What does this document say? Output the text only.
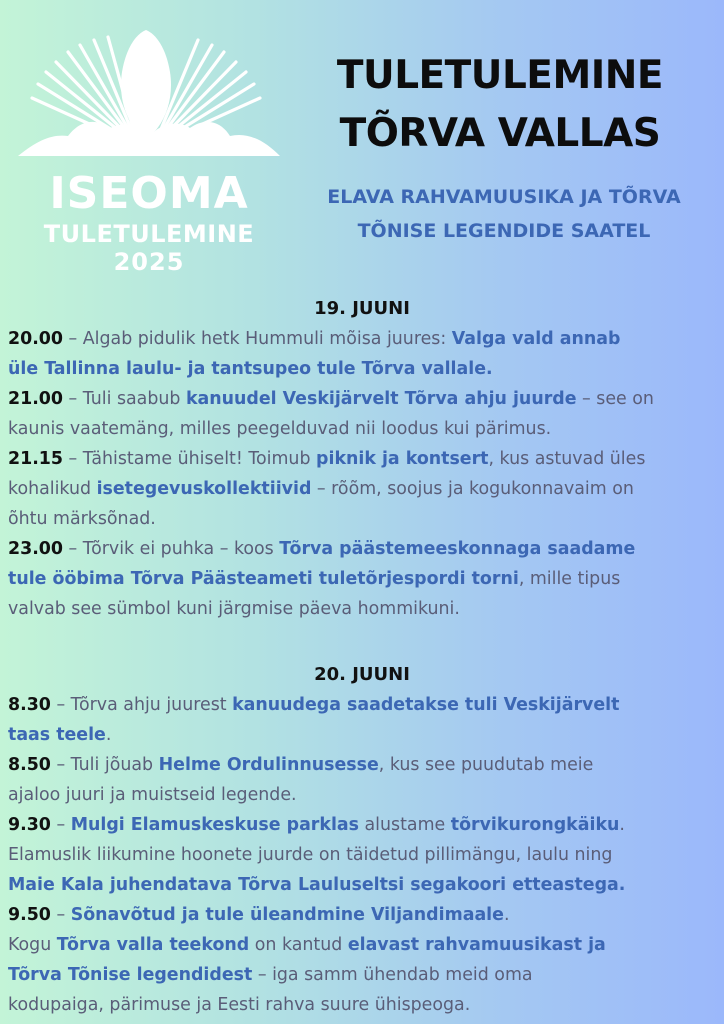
ISEOMA
TULETULEMINE
2025
TULETULEMINE
TÕRVA VALLAS
ELAVA RAHVAMUUSIKA JA TÕRVA
TÕNISE LEGENDIDE SAATEL
19. JUUNI

20.00 – Algab pidulik hetk Hummuli mõisa juures: Valga vald annab

üle Tallinna laulu- ja tantsupeo tule Tõrva vallale.

21.00 – Tuli saabub kanuudel Veskijärvelt Tõrva ahju juurde – see on

kaunis vaatemäng, milles peegelduvad nii loodus kui pärimus.

21.15 – Tähistame ühiselt! Toimub piknik ja kontsert, kus astuvad üles

kohalikud isetegevuskollektiivid – rõõm, soojus ja kogukonnavaim on

õhtu märksõnad.

23.00 – Tõrvik ei puhka – koos Tõrva päästemeeskonnaga saadame

tule ööbima Tõrva Päästeameti tuletõrjespordi torni, mille tipus

valvab see sümbol kuni järgmise päeva hommikuni.

20. JUUNI

8.30 – Tõrva ahju juurest kanuudega saadetakse tuli Veskijärvelt

taas teele.

8.50 – Tuli jõuab Helme Ordulinnusesse, kus see puudutab meie

ajaloo juuri ja muistseid legende.

9.30 – Mulgi Elamuskeskuse parklas alustame tõrvikurongkäiku.

Elamuslik liikumine hoonete juurde on täidetud pillimängu, laulu ning

Maie Kala juhendatava Tõrva Lauluseltsi segakoori etteastega.

9.50 – Sõnavõtud ja tule üleandmine Viljandimaale.

Kogu Tõrva valla teekond on kantud elavast rahvamuusikast ja

Tõrva Tõnise legendidest – iga samm ühendab meid oma

kodupaiga, pärimuse ja Eesti rahva suure ühispeoga.
